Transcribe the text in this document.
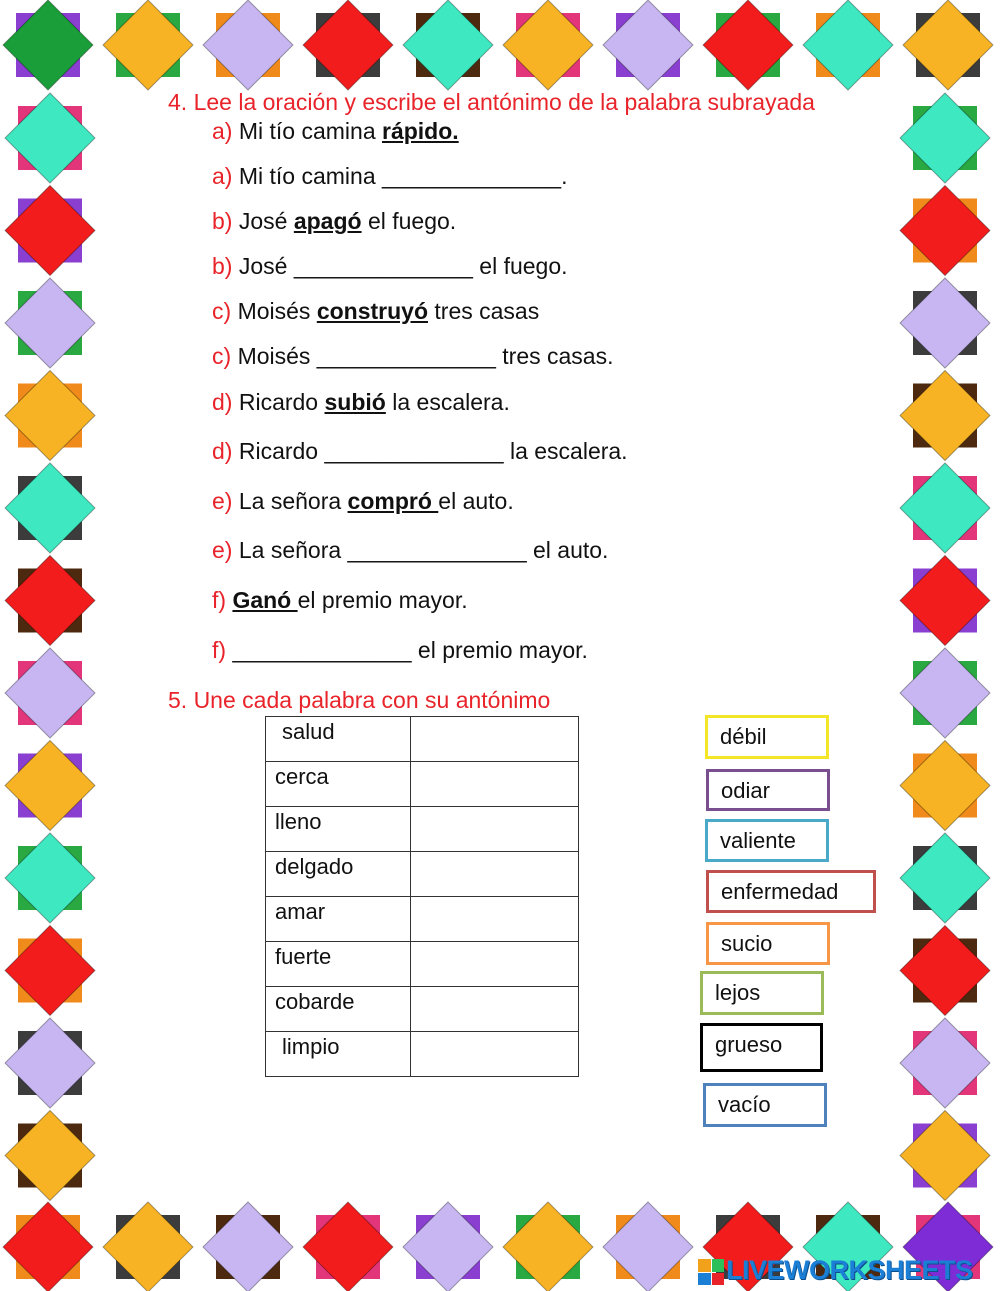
4. Lee la oración y escribe el antónimo de la palabra subrayada
a) Mi tío camina rápido.
a) Mi tío camina ______________.
b) José apagó el fuego.
b) José ______________ el fuego.
c) Moisés construyó tres casas
c) Moisés ______________ tres casas.
d) Ricardo subió la escalera.
d) Ricardo ______________ la escalera.
e) La señora compró el auto.
e) La señora ______________ el auto.
f) Ganó el premio mayor.
f) ______________ el premio mayor.
5. Une cada palabra con su antónimo
salud	
cerca	
lleno	
delgado	
amar	
fuerte	
cobarde	
limpio	
débil
odiar
valiente
enfermedad
sucio
lejos
grueso
vacío
LIVEWORKSHEETS
